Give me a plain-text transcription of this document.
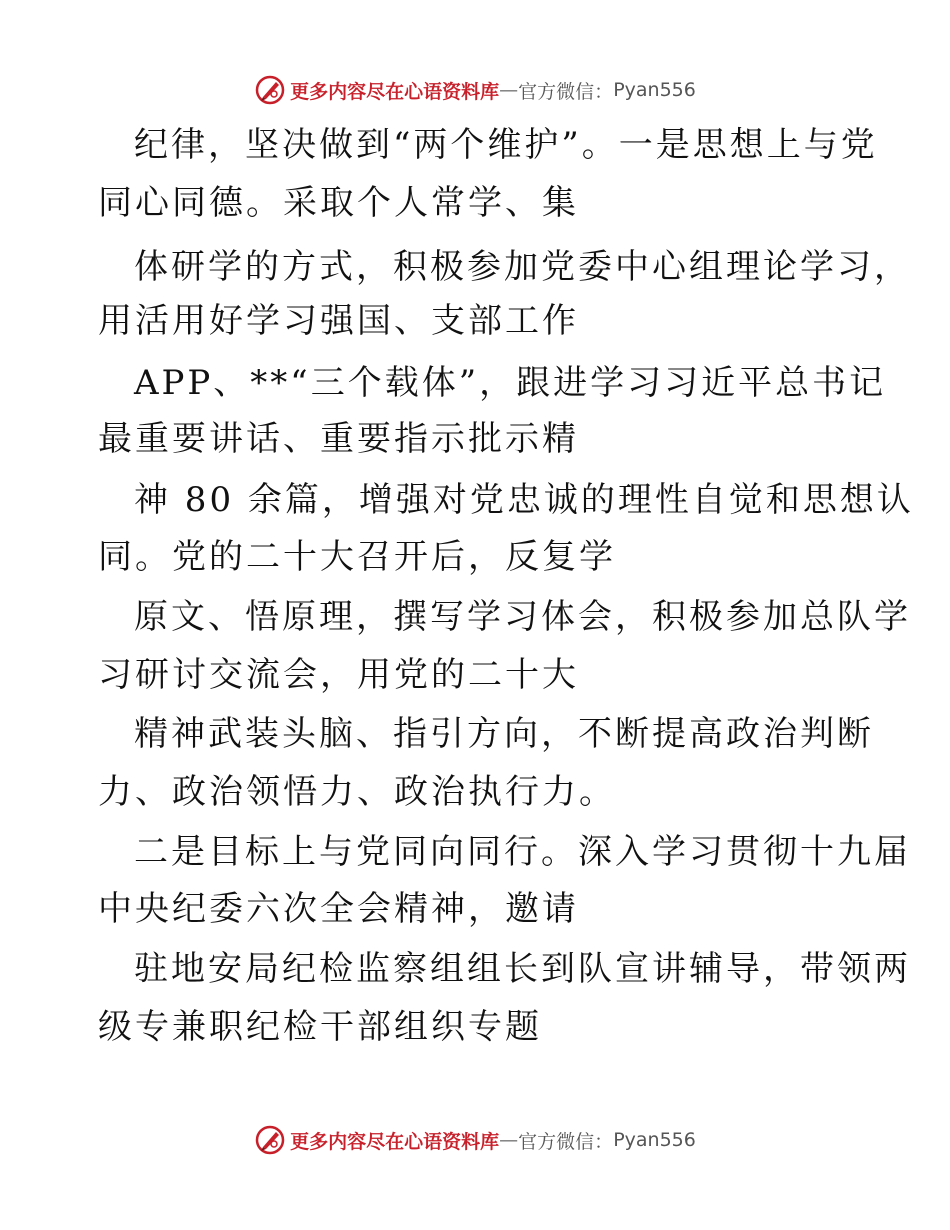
更多内容尽在心语资料库 — 官方微信： Pyan556
纪律，坚决做到“两个维护”。一是思想上与党
同心同德。采取个人常学、集
体研学的方式，积极参加党委中心组理论学习，
用活用好学习强国、支部工作
APP、**“三个载体”，跟进学习习近平总书记
最重要讲话、重要指示批示精
神 80 余篇，增强对党忠诚的理性自觉和思想认
同。党的二十大召开后，反复学
原文、悟原理，撰写学习体会，积极参加总队学
习研讨交流会，用党的二十大
精神武装头脑、指引方向，不断提高政治判断
力、政治领悟力、政治执行力。
二是目标上与党同向同行。深入学习贯彻十九届
中央纪委六次全会精神，邀请
驻地安局纪检监察组组长到队宣讲辅导，带领两
级专兼职纪检干部组织专题
更多内容尽在心语资料库 — 官方微信： Pyan556
